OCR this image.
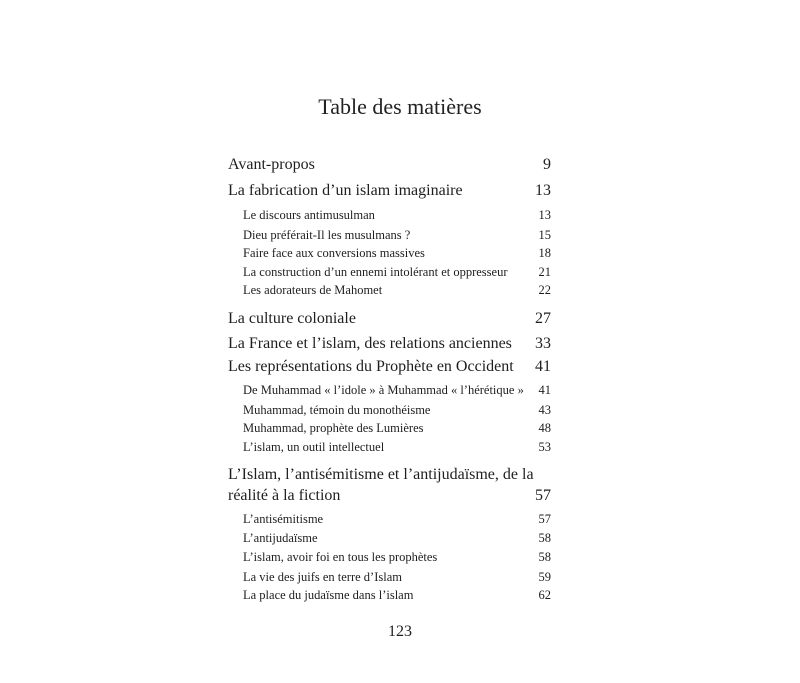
Table des matières
Avant-propos	9
La fabrication d’un islam imaginaire	13
Le discours antimusulman	13
Dieu préférait-Il les musulmans ?	15
Faire face aux conversions massives	18
La construction d’un ennemi intolérant et oppresseur	21
Les adorateurs de Mahomet	22
La culture coloniale	27
La France et l’islam, des relations anciennes	33
Les représentations du Prophète en Occident	41
De Muhammad « l’idole » à Muhammad « l’hérétique »	41
Muhammad, témoin du monothéisme	43
Muhammad, prophète des Lumières	48
L’islam, un outil intellectuel	53
L’Islam, l’antisémitisme et l’antijudaïsme, de la
réalité à la fiction	57
L’antisémitisme	57
L’antijudaïsme	58
L’islam, avoir foi en tous les prophètes	58
La vie des juifs en terre d’Islam	59
La place du judaïsme dans l’islam	62
123
